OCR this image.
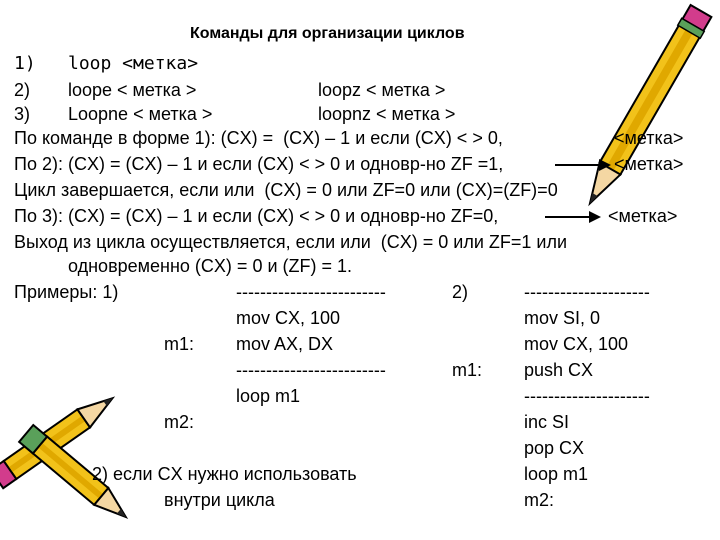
Команды для организации циклов
1) loop <метка>
2) loope < метка >	loopz < метка >
3) Loopne < метка >	loopnz < метка >
По команде в форме 1): (CX) =  (CX) – 1 и если (CX) < > 0,	<метка>
По 2): (CX) = (CX) – 1 и если (CX) < > 0 и одновр-но ZF =1,	<метка>
Цикл завершается, если или  (CX) = 0 или ZF=0 или (CX)=(ZF)=0
По 3): (CX) = (CX) – 1 и если (CX) < > 0 и одновр-но ZF=0,	<метка>
Выход из цикла осуществляется, если или  (CX) = 0 или ZF=1 или
одновременно (CX) = 0 и (ZF) = 1.
Примеры: 1)	-------------------------
mov CX, 100
m1: mov AX, DX
-------------------------
loop m1
m2:
2)	---------------------
mov SI, 0
mov CX, 100
m1: push CX
---------------------
inc SI
pop CX
loop m1
m2:
2) если CX нужно использовать
внутри цикла
